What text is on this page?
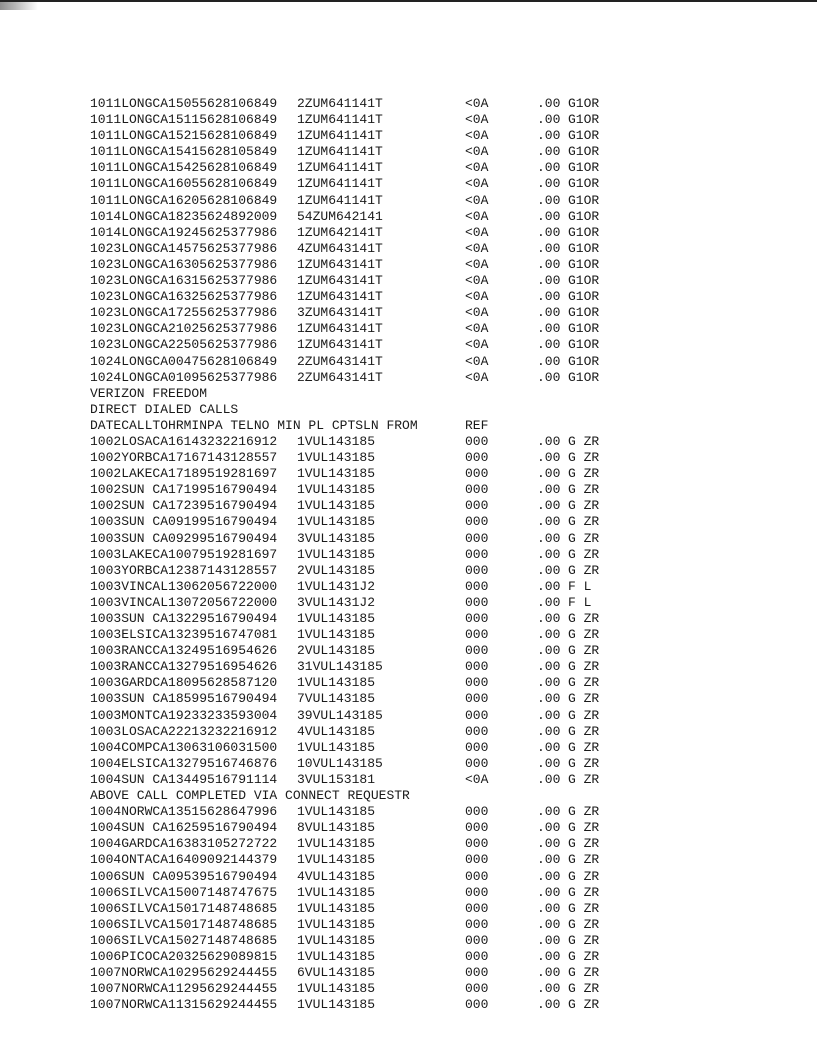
1011LONGCA15055628106849 2ZUM641141T	<0A	.00 G1OR
1011LONGCA15115628106849 1ZUM641141T	<0A	.00 G1OR
1011LONGCA15215628106849 1ZUM641141T	<0A	.00 G1OR
1011LONGCA15415628105849 1ZUM641141T	<0A	.00 G1OR
1011LONGCA15425628106849 1ZUM641141T	<0A	.00 G1OR
1011LONGCA16055628106849 1ZUM641141T	<0A	.00 G1OR
1011LONGCA16205628106849 1ZUM641141T	<0A	.00 G1OR
1014LONGCA18235624892009 54ZUM642141	<0A	.00 G1OR
1014LONGCA19245625377986 1ZUM642141T	<0A	.00 G1OR
1023LONGCA14575625377986 4ZUM643141T	<0A	.00 G1OR
1023LONGCA16305625377986 1ZUM643141T	<0A	.00 G1OR
1023LONGCA16315625377986 1ZUM643141T	<0A	.00 G1OR
1023LONGCA16325625377986 1ZUM643141T	<0A	.00 G1OR
1023LONGCA17255625377986 3ZUM643141T	<0A	.00 G1OR
1023LONGCA21025625377986 1ZUM643141T	<0A	.00 G1OR
1023LONGCA22505625377986 1ZUM643141T	<0A	.00 G1OR
1024LONGCA00475628106849 2ZUM643141T	<0A	.00 G1OR
1024LONGCA01095625377986 2ZUM643141T	<0A	.00 G1OR
VERIZON FREEDOM
DIRECT DIALED CALLS
DATECALLTOHRMINPA TELNO MIN PL CPTSLN FROM	REF
1002LOSACA16143232216912 1VUL143185	000	.00 G ZR
1002YORBCA17167143128557 1VUL143185	000	.00 G ZR
1002LAKECA17189519281697 1VUL143185	000	.00 G ZR
1002SUN CA17199516790494 1VUL143185	000	.00 G ZR
1002SUN CA17239516790494 1VUL143185	000	.00 G ZR
1003SUN CA09199516790494 1VUL143185	000	.00 G ZR
1003SUN CA09299516790494 3VUL143185	000	.00 G ZR
1003LAKECA10079519281697 1VUL143185	000	.00 G ZR
1003YORBCA12387143128557 2VUL143185	000	.00 G ZR
1003VINCAL13062056722000 1VUL1431J2	000	.00 F L
1003VINCAL13072056722000 3VUL1431J2	000	.00 F L
1003SUN CA13229516790494 1VUL143185	000	.00 G ZR
1003ELSICA13239516747081 1VUL143185	000	.00 G ZR
1003RANCCA13249516954626 2VUL143185	000	.00 G ZR
1003RANCCA13279516954626 31VUL143185	000	.00 G ZR
1003GARDCA18095628587120 1VUL143185	000	.00 G ZR
1003SUN CA18599516790494 7VUL143185	000	.00 G ZR
1003MONTCA19233233593004 39VUL143185	000	.00 G ZR
1003LOSACA22213232216912 4VUL143185	000	.00 G ZR
1004COMPCA13063106031500 1VUL143185	000	.00 G ZR
1004ELSICA13279516746876 10VUL143185	000	.00 G ZR
1004SUN CA13449516791114 3VUL153181	<0A	.00 G ZR
ABOVE CALL COMPLETED VIA CONNECT REQUESTR
1004NORWCA13515628647996 1VUL143185	000	.00 G ZR
1004SUN CA16259516790494 8VUL143185	000	.00 G ZR
1004GARDCA16383105272722 1VUL143185	000	.00 G ZR
1004ONTACA16409092144379 1VUL143185	000	.00 G ZR
1006SUN CA09539516790494 4VUL143185	000	.00 G ZR
1006SILVCA15007148747675 1VUL143185	000	.00 G ZR
1006SILVCA15017148748685 1VUL143185	000	.00 G ZR
1006SILVCA15017148748685 1VUL143185	000	.00 G ZR
1006SILVCA15027148748685 1VUL143185	000	.00 G ZR
1006PICOCA20325629089815 1VUL143185	000	.00 G ZR
1007NORWCA10295629244455 6VUL143185	000	.00 G ZR
1007NORWCA11295629244455 1VUL143185	000	.00 G ZR
1007NORWCA11315629244455 1VUL143185	000	.00 G ZR
